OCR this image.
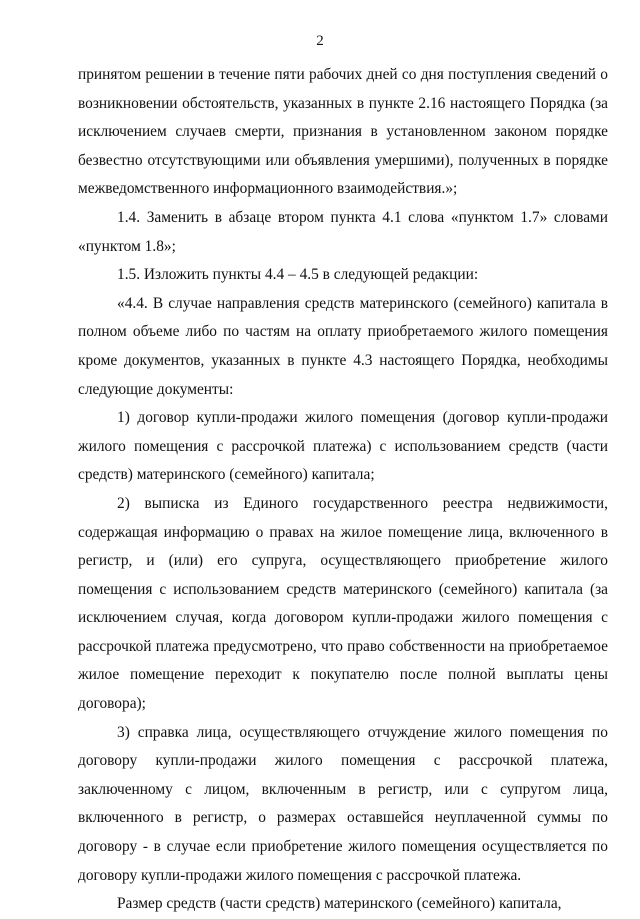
2

принятом решении в течение пяти рабочих дней со дня поступления сведений о возникновении обстоятельств, указанных в пункте 2.16 настоящего Порядка (за исключением случаев смерти, признания в установленном законом порядке безвестно отсутствующими или объявления умершими), полученных в порядке межведомственного информационного взаимодействия.»;

1.4. Заменить в абзаце втором пункта 4.1 слова «пунктом 1.7» словами «пунктом 1.8»;

1.5. Изложить пункты 4.4 – 4.5 в следующей редакции:

«4.4. В случае направления средств материнского (семейного) капитала в полном объеме либо по частям на оплату приобретаемого жилого помещения кроме документов, указанных в пункте 4.3 настоящего Порядка, необходимы следующие документы:

1) договор купли-продажи жилого помещения (договор купли-продажи жилого помещения с рассрочкой платежа) с использованием средств (части средств) материнского (семейного) капитала;

2) выписка из Единого государственного реестра недвижимости, содержащая информацию о правах на жилое помещение лица, включенного в регистр, и (или) его супруга, осуществляющего приобретение жилого помещения с использованием средств материнского (семейного) капитала (за исключением случая, когда договором купли-продажи жилого помещения с рассрочкой платежа предусмотрено, что право собственности на приобретаемое жилое помещение переходит к покупателю после полной выплаты цены договора);

3) справка лица, осуществляющего отчуждение жилого помещения по договору купли-продажи жилого помещения с рассрочкой платежа, заключенному с лицом, включенным в регистр, или с супругом лица, включенного в регистр, о размерах оставшейся неуплаченной суммы по договору - в случае если приобретение жилого помещения осуществляется по договору купли-продажи жилого помещения с рассрочкой платежа.

Размер средств (части средств) материнского (семейного) капитала,
